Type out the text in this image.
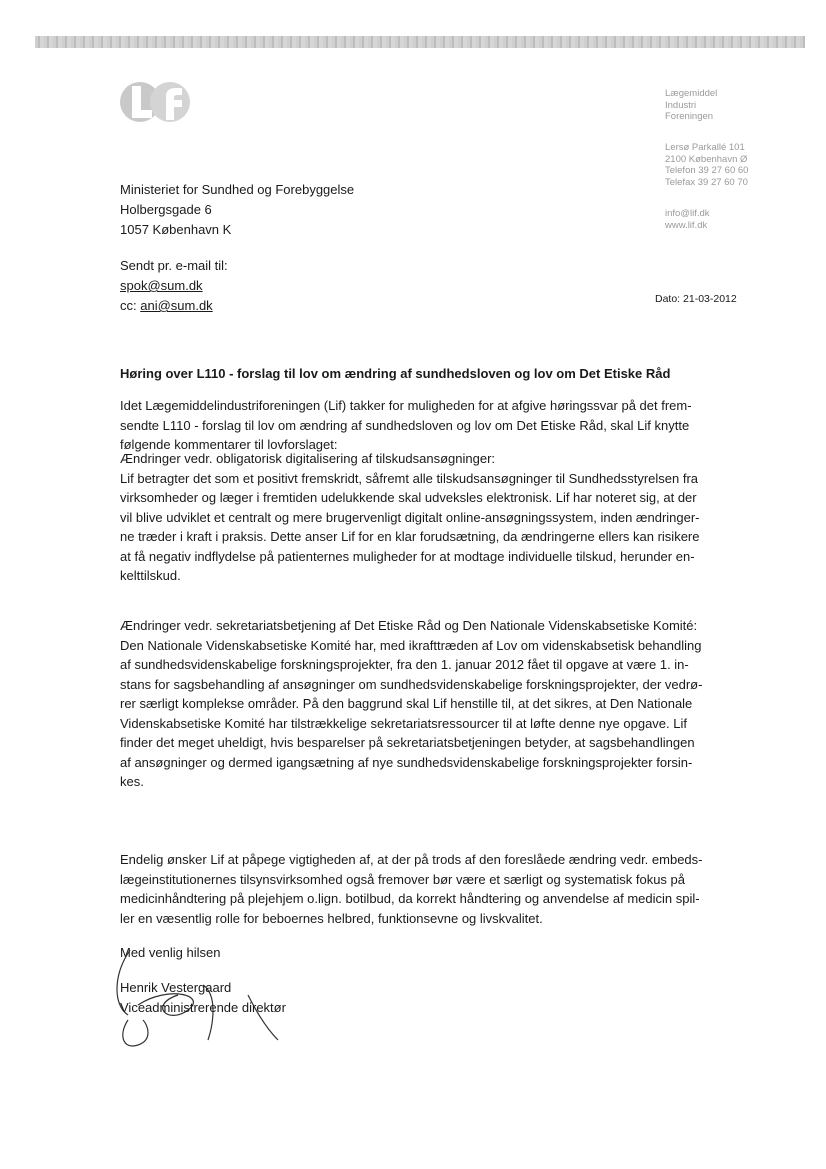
Lægemiddel
Industri
Foreningen
Lersø Parkallé 101
2100 København Ø
Telefon 39 27 60 60
Telefax 39 27 60 70
info@lif.dk
www.lif.dk
Ministeriet for Sundhed og Forebyggelse
Holbergsgade 6
1057 København K
Sendt pr. e-mail til:
spok@sum.dk
cc: ani@sum.dk	Dato: 21-03-2012
Høring over L110 - forslag til lov om ændring af sundhedsloven og lov om Det Etiske Råd
Idet Lægemiddelindustriforeningen (Lif) takker for muligheden for at afgive høringssvar på det frem-
sendte L110 - forslag til lov om ændring af sundhedsloven og lov om Det Etiske Råd, skal Lif knytte
følgende kommentarer til lovforslaget:
Ændringer vedr. obligatorisk digitalisering af tilskudsansøgninger:
Lif betragter det som et positivt fremskridt, såfremt alle tilskudsansøgninger til Sundhedsstyrelsen fra
virksomheder og læger i fremtiden udelukkende skal udveksles elektronisk. Lif har noteret sig, at der
vil blive udviklet et centralt og mere brugervenligt digitalt online-ansøgningssystem, inden ændringer-
ne træder i kraft i praksis. Dette anser Lif for en klar forudsætning, da ændringerne ellers kan risikere
at få negativ indflydelse på patienternes muligheder for at modtage individuelle tilskud, herunder en-
kelttilskud.
Ændringer vedr. sekretariatsbetjening af Det Etiske Råd og Den Nationale Videnskabsetiske Komité:
Den Nationale Videnskabsetiske Komité har, med ikrafttræden af Lov om videnskabsetisk behandling
af sundhedsvidenskabelige forskningsprojekter, fra den 1. januar 2012 fået til opgave at være 1. in-
stans for sagsbehandling af ansøgninger om sundhedsvidenskabelige forskningsprojekter, der vedrø-
rer særligt komplekse områder. På den baggrund skal Lif henstille til, at det sikres, at Den Nationale
Videnskabsetiske Komité har tilstrækkelige sekretariatsressourcer til at løfte denne nye opgave. Lif
finder det meget uheldigt, hvis besparelser på sekretariatsbetjeningen betyder, at sagsbehandlingen
af ansøgninger og dermed igangsætning af nye sundhedsvidenskabelige forskningsprojekter forsin-
kes.
Endelig ønsker Lif at påpege vigtigheden af, at der på trods af den foreslåede ændring vedr. embeds-
lægeinstitutionernes tilsynsvirksomhed også fremover bør være et særligt og systematisk fokus på
medicinhåndtering på plejehjem o.lign. botilbud, da korrekt håndtering og anvendelse af medicin spil-
ler en væsentlig rolle for beboernes helbred, funktionsevne og livskvalitet.
Med venlig hilsen
Henrik Vestergaard
Viceadministrerende direktør
